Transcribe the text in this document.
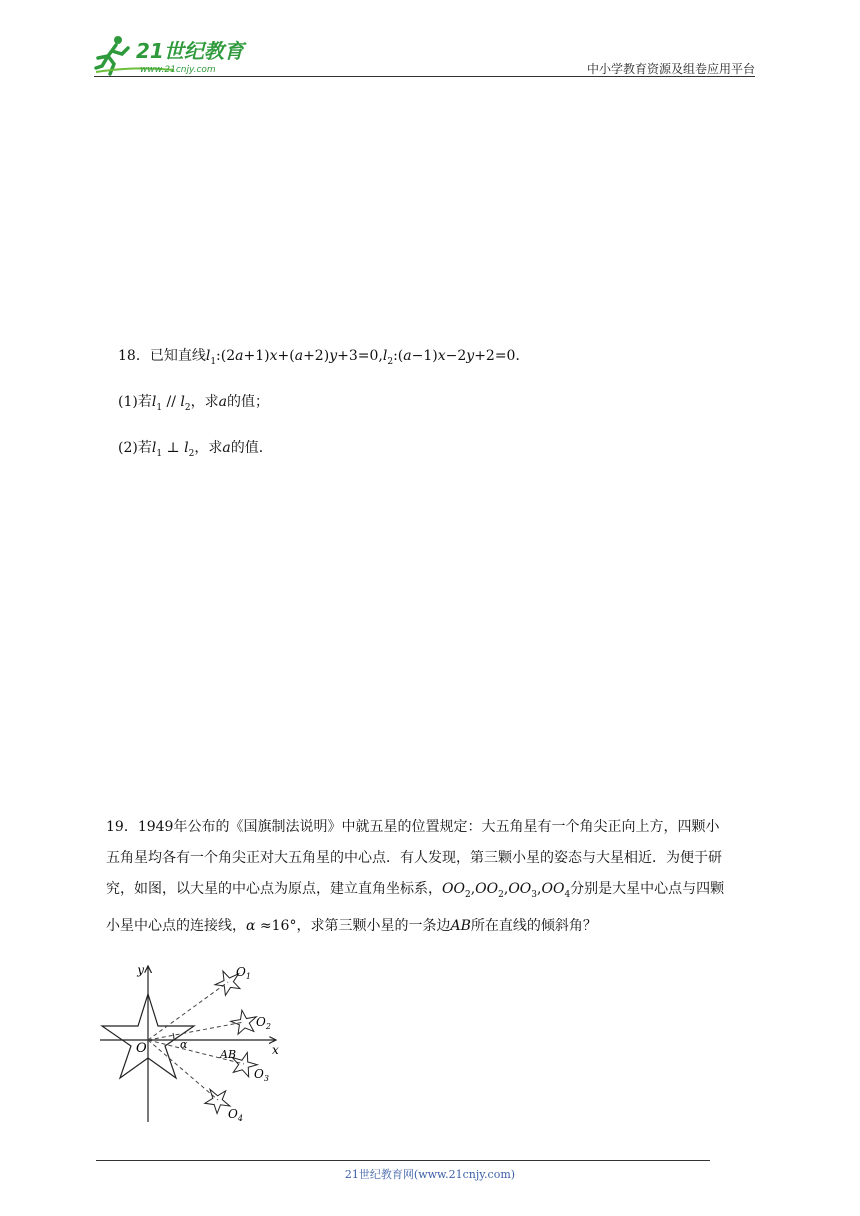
21世纪教育
www.21cnjy.com	中小学教育资源及组卷应用平台
18．已知直线$l_1:(2a+1)x+(a+2)y+3=0,l_2:(a-1)x-2y+2=0$．
(1)若$l_1 // l_2$，求a的值；
(2)若$l_1$ ⊥ $l_2$，求a的值．
19．1949年公布的《国旗制法说明》中就五星的位置规定：大五角星有一个角尖正向上方，四颗小
五角星均各有一个角尖正对大五角星的中心点．有人发现，第三颗小星的姿态与大星相近．为便于研
究，如图，以大星的中心点为原点，建立直角坐标系，$OO_2,OO_2,OO_3,OO_4$分别是大星中心点与四颗
小星中心点的连接线，α ≈16°，求第三颗小星的一条边AB所在直线的倾斜角？
y
x
O	α
$O_1$
$O_2$
$O_3$
$O_4$
AB
21世纪教育网(www.21cnjy.com)
